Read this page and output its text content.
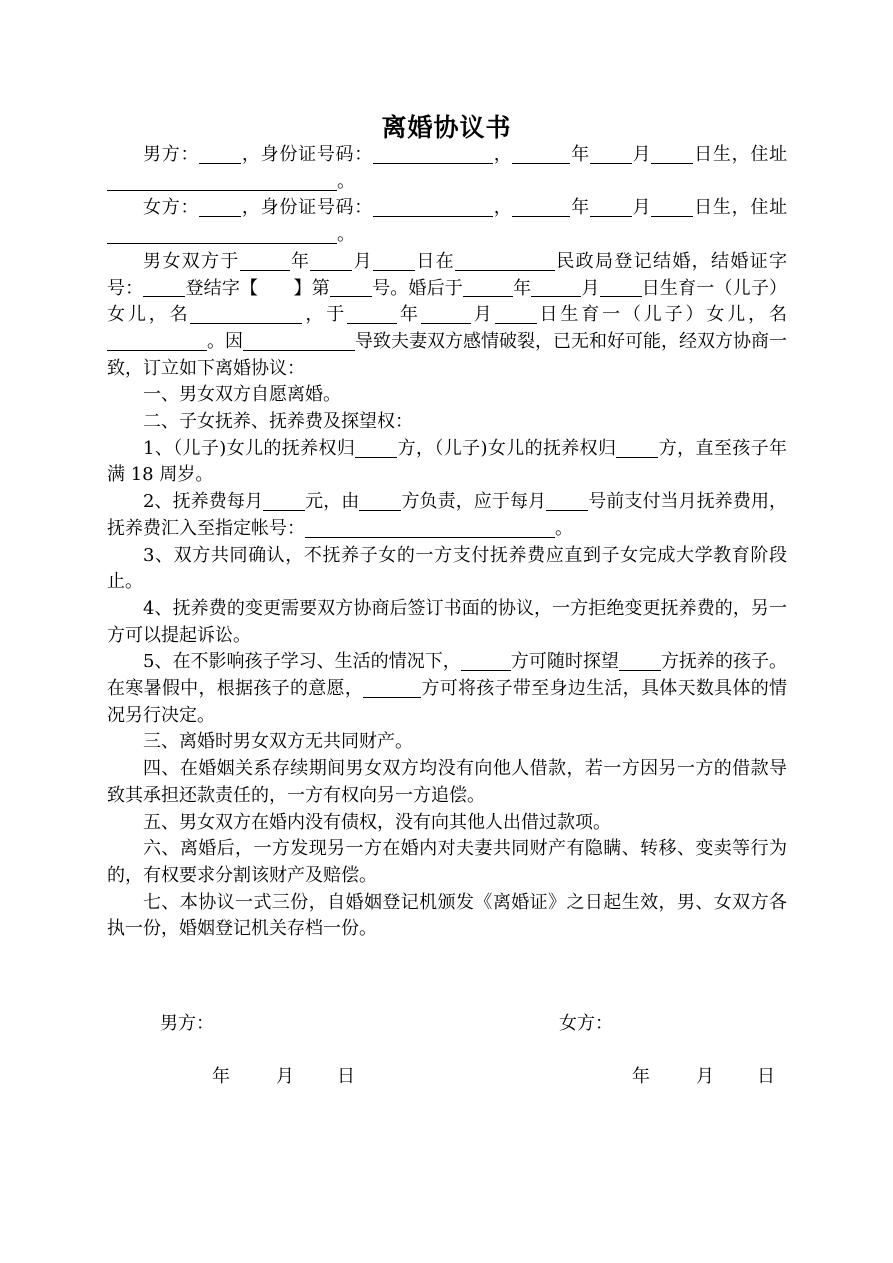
离婚协议书
男方： ，身份证号码：	，	年 月 日生，住址。
女方： ，身份证号码：	，	年 月 日生，住址。
男女双方于	年 月 日在	民政局登记结婚，结婚证字号： 登结字【      】第 号。婚后于	年	月 日生育一（儿子）女儿，名	，于	年	月 日生育一（儿子）女儿，名。因	导致夫妻双方感情破裂，已无和好可能，经双方协商一致，订立如下离婚协议：
一、男女双方自愿离婚。
二、子女抚养、抚养费及探望权：
1、（儿子)女儿的抚养权归 方，（儿子)女儿的抚养权归 方，直至孩子年满 18 周岁。
2、抚养费每月 元，由 方负责，应于每月 号前支付当月抚养费用，抚养费汇入至指定帐号：	。
3、双方共同确认，不抚养子女的一方支付抚养费应直到子女完成大学教育阶段止。
4、抚养费的变更需要双方协商后签订书面的协议，一方拒绝变更抚养费的，另一方可以提起诉讼。
5、在不影响孩子学习、生活的情况下，	方可随时探望 方抚养的孩子。在寒暑假中，根据孩子的意愿，	方可将孩子带至身边生活，具体天数具体的情况另行决定。
三、离婚时男女双方无共同财产。
四、在婚姻关系存续期间男女双方均没有向他人借款，若一方因另一方的借款导致其承担还款责任的，一方有权向另一方追偿。
五、男女双方在婚内没有债权，没有向其他人出借过款项。
六、离婚后，一方发现另一方在婚内对夫妻共同财产有隐瞒、转移、变卖等行为的，有权要求分割该财产及赔偿。
七、本协议一式三份，自婚姻登记机颁发《离婚证》之日起生效，男、女双方各执一份，婚姻登记机关存档一份。
男方：	女方：
年	月 日	年	月 日
